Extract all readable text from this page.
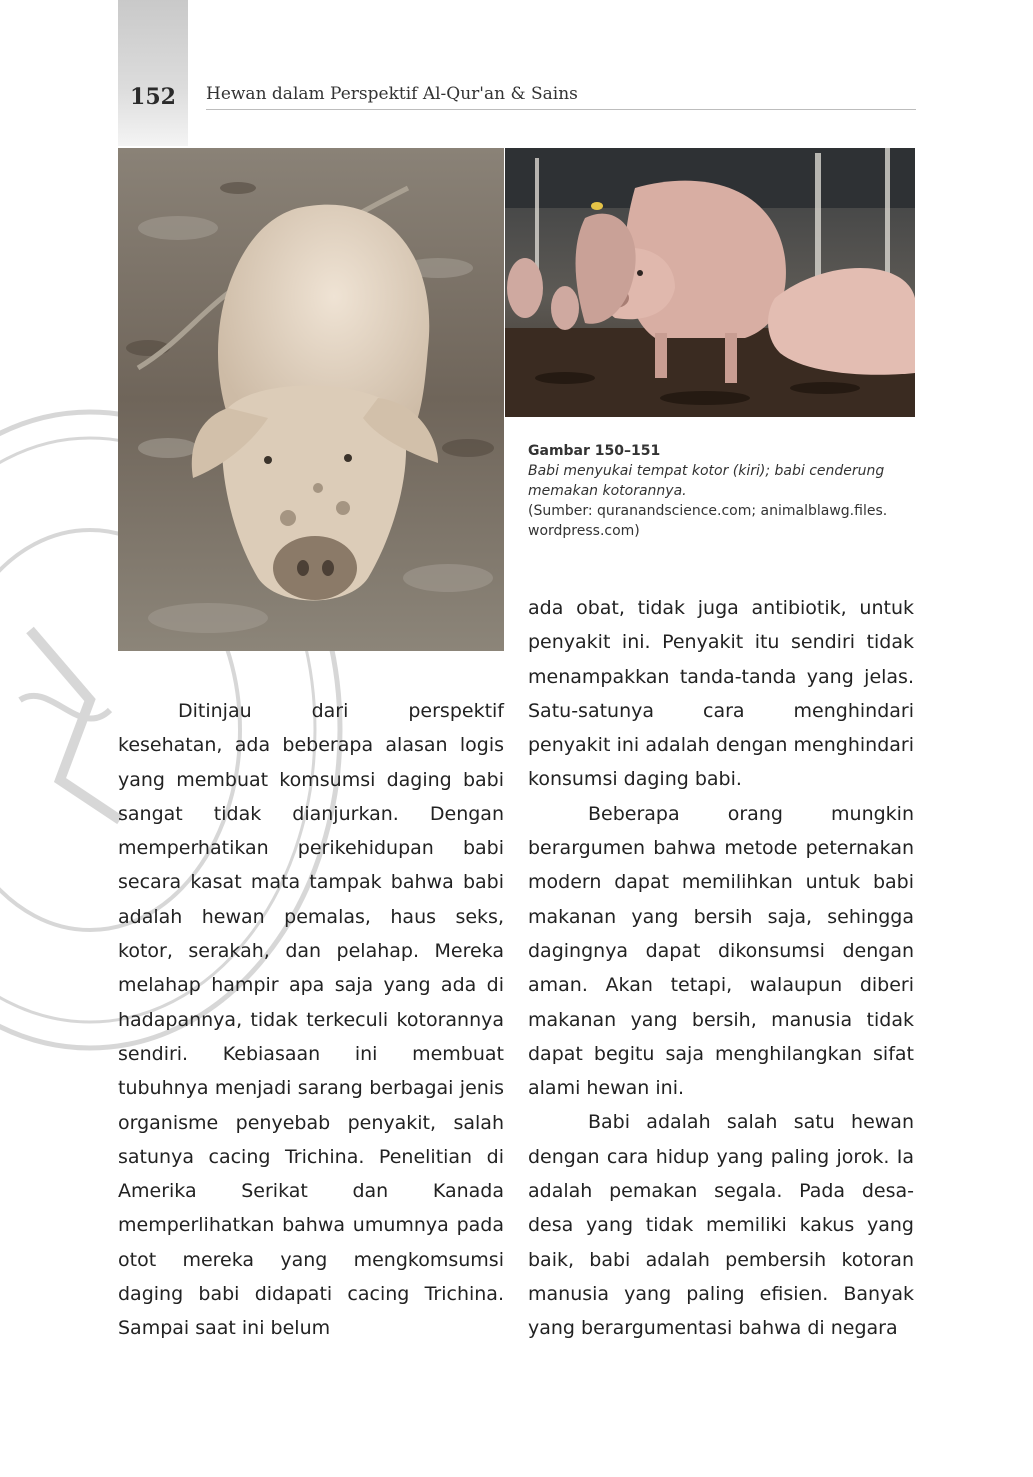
152	Hewan dalam Perspektif Al-Qur'an & Sains
Gambar 150–151
Babi menyukai tempat kotor (kiri); babi cenderung memakan kotorannya.
(Sumber: quranandscience.com; animalblawg.files. wordpress.com)

Ditinjau dari perspektif kesehatan, ada beberapa alasan logis yang membuat komsumsi daging babi sangat tidak dianjurkan. Dengan memperhatikan perikehidupan babi secara kasat mata tampak bahwa babi adalah hewan pemalas, haus seks, kotor, serakah, dan pelahap. Mereka melahap hampir apa saja yang ada di hadapannya, tidak terkeculi kotorannya sendiri. Kebiasaan ini membuat tubuhnya menjadi sarang berbagai jenis organisme penyebab penyakit, salah satunya cacing Trichina. Penelitian di Amerika Serikat dan Kanada memperlihatkan bahwa umumnya pada otot mereka yang mengkomsumsi daging babi didapati cacing Trichina. Sampai saat ini belum

ada obat, tidak juga antibiotik, untuk penyakit ini. Penyakit itu sendiri tidak menampakkan tanda-tanda yang jelas. Satu-satunya cara menghindari penyakit ini adalah dengan menghindari konsumsi daging babi.

Beberapa orang mungkin berargumen bahwa metode peternakan modern dapat memilihkan untuk babi makanan yang bersih saja, sehingga dagingnya dapat dikonsumsi dengan aman. Akan tetapi, walaupun diberi makanan yang bersih, manusia tidak dapat begitu saja menghilangkan sifat alami hewan ini.

Babi adalah salah satu hewan dengan cara hidup yang paling jorok. Ia adalah pemakan segala. Pada desa-desa yang tidak memiliki kakus yang baik, babi adalah pembersih kotoran manusia yang paling efisien. Banyak yang berargumentasi bahwa di negara
